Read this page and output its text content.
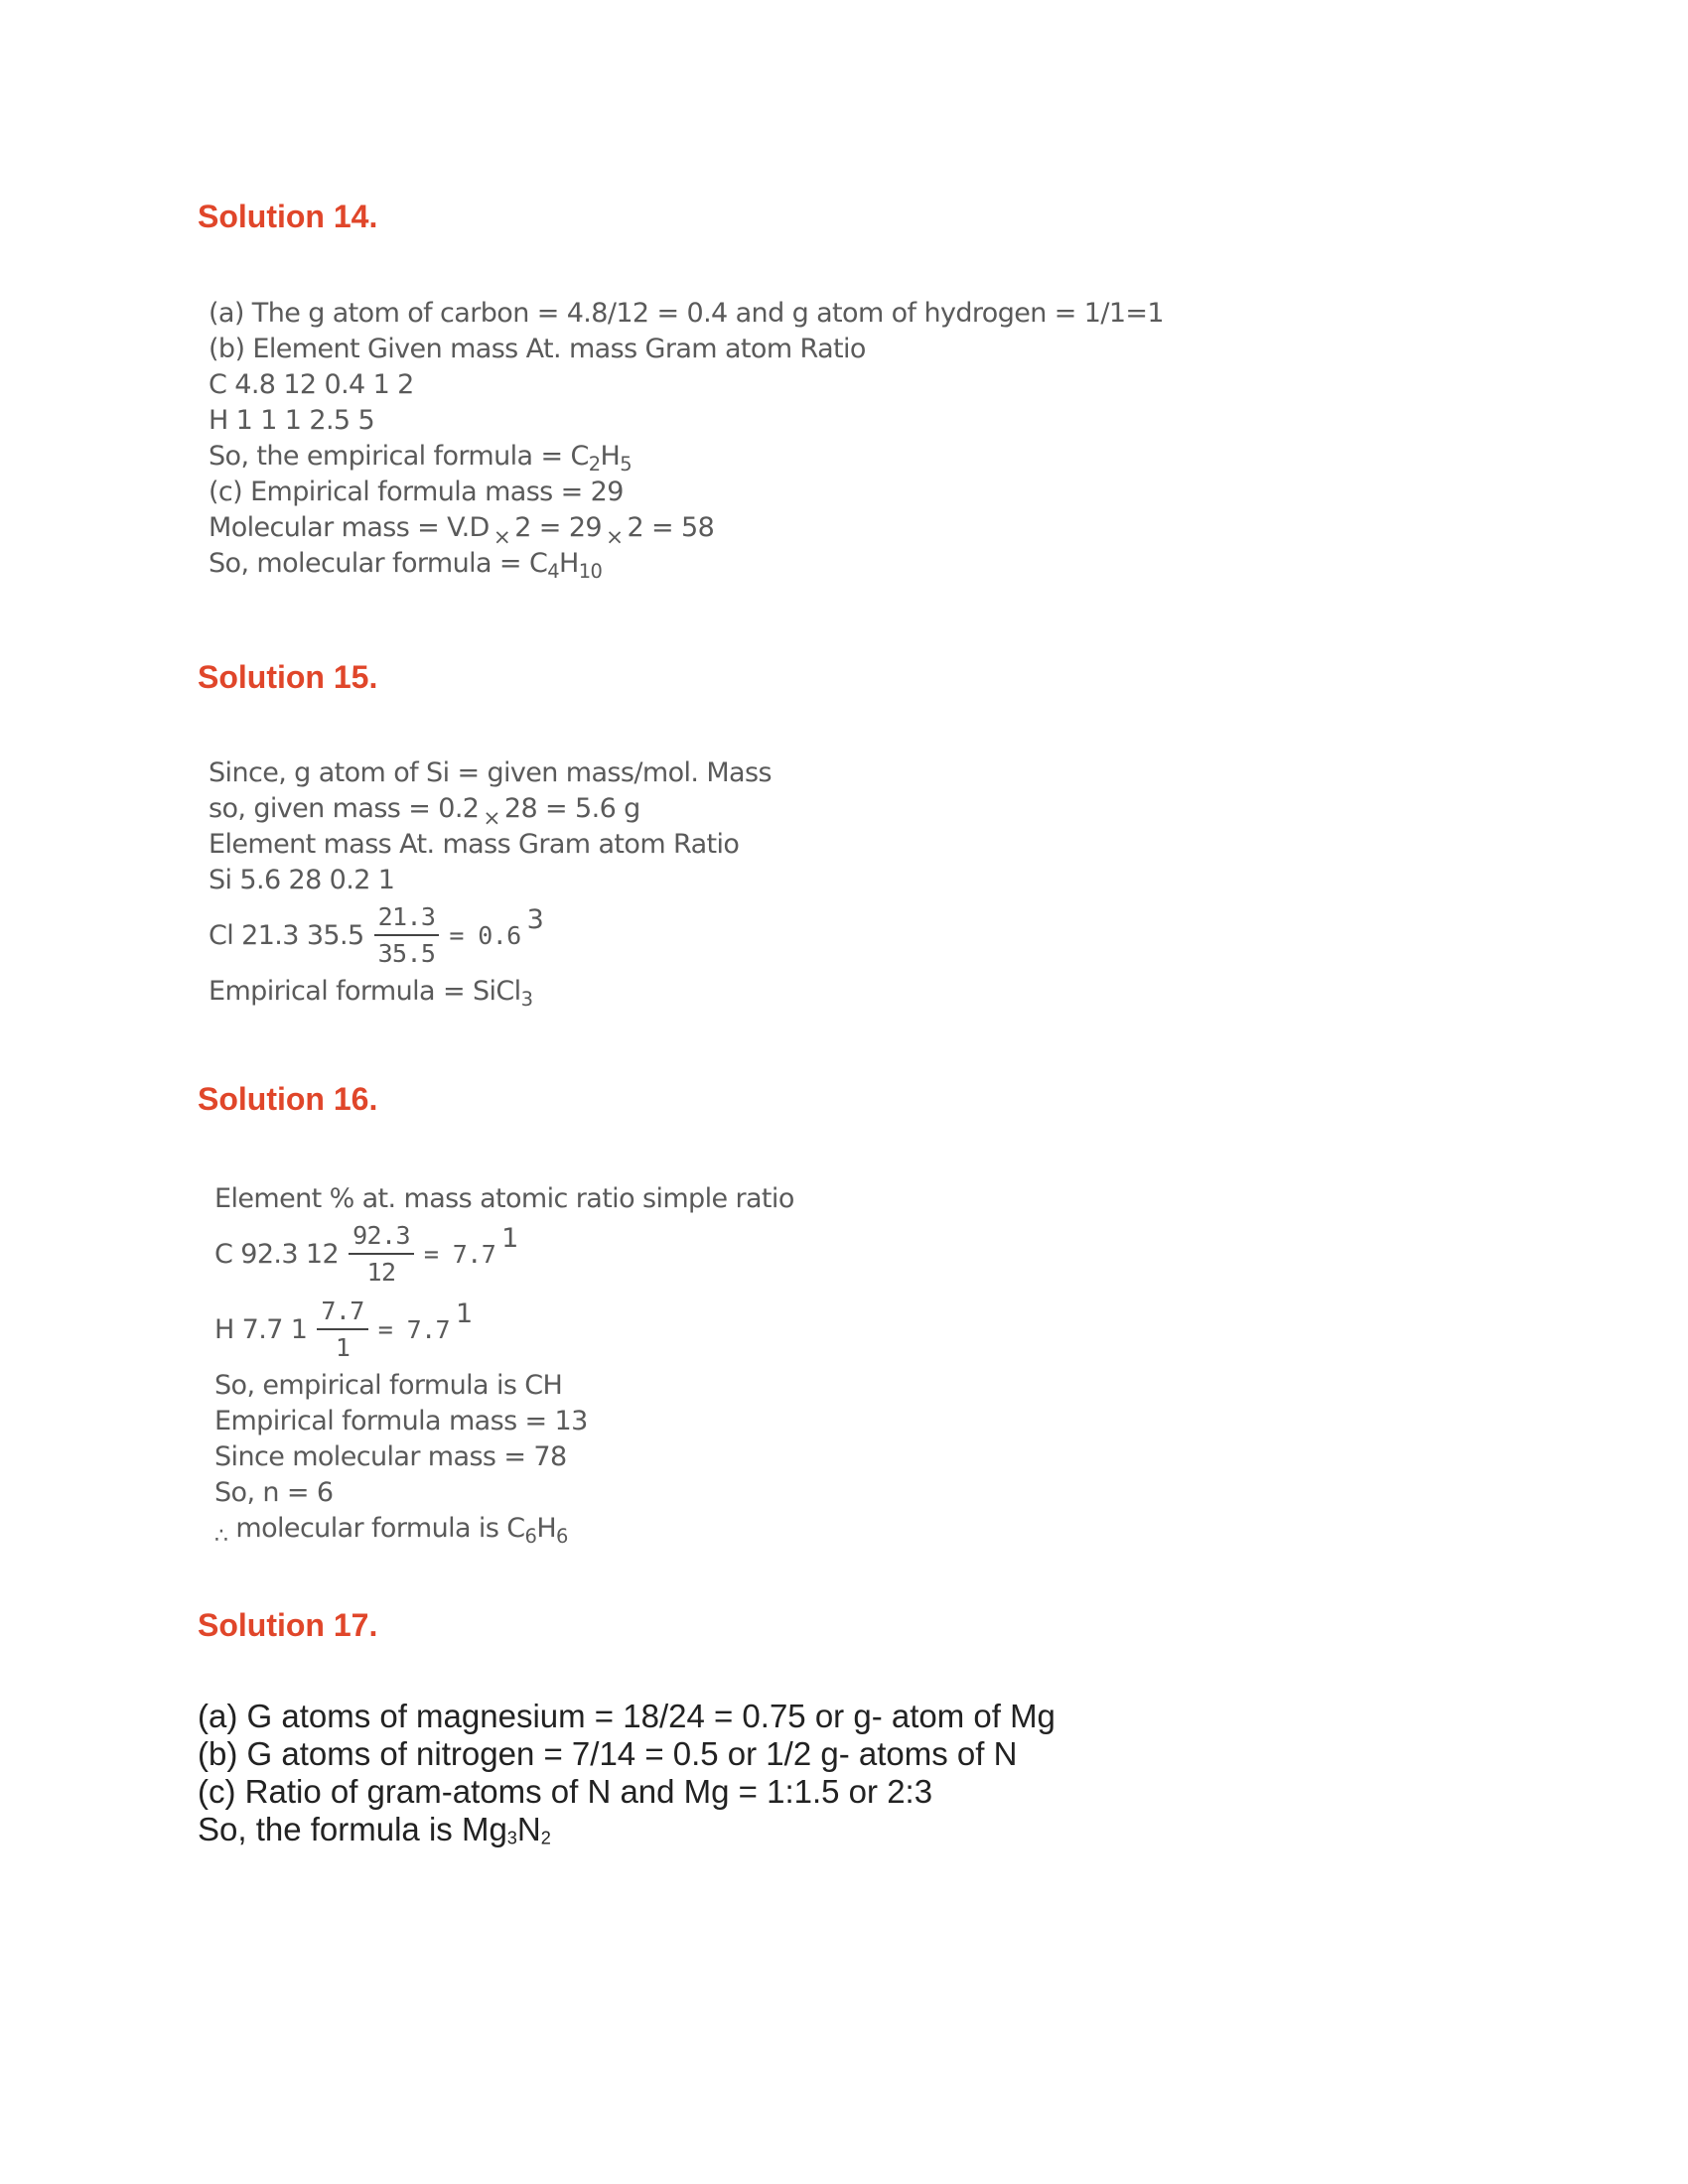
Solution 14.
(a) The g atom of carbon = 4.8/12 = 0.4 and g atom of hydrogen = 1/1=1
(b) Element Given mass At. mass Gram atom Ratio
C 4.8 12 0.4 1 2
H 1 1 1 2.5 5
So, the empirical formula = $C_2H_5$
(c) Empirical formula mass = 29
Molecular mass = V.D $_\times$ 2 = 29 $_\times$ 2 = 58
So, molecular formula = $C_4H_{10}$
Solution 15.
Since, g atom of Si = given mass/mol. Mass
so, given mass = 0.2 $_\times$ 28 = 5.6 g
Element mass At. mass Gram atom Ratio
Si 5.6 28 0.2 1
Cl 21.3 $35.5 \frac{21.3}{35.5} = 0.6$
3
Empirical formula = SiCl$_3$
Solution 16.
Element % at. mass atomic ratio simple ratio
C 92.3 $12 \frac{92.3}{12} = 7.7$
1
H 7.7 $1 \frac{7.7}{1} = 7.7$
1
So, empirical formula is CH
Empirical formula mass = 13
Since molecular mass = 78
So, n = 6
$_\therefore$ molecular formula is $C_6H_6$
Solution 17.
(a) G atoms of magnesium = 18/24 = 0.75 or g- atom of Mg
(b) G atoms of nitrogen = 7/14 = 0.5 or 1/2 g- atoms of N
(c) Ratio of gram-atoms of N and Mg = 1:1.5 or 2:3
So, the formula is $Mg_3N_2$
